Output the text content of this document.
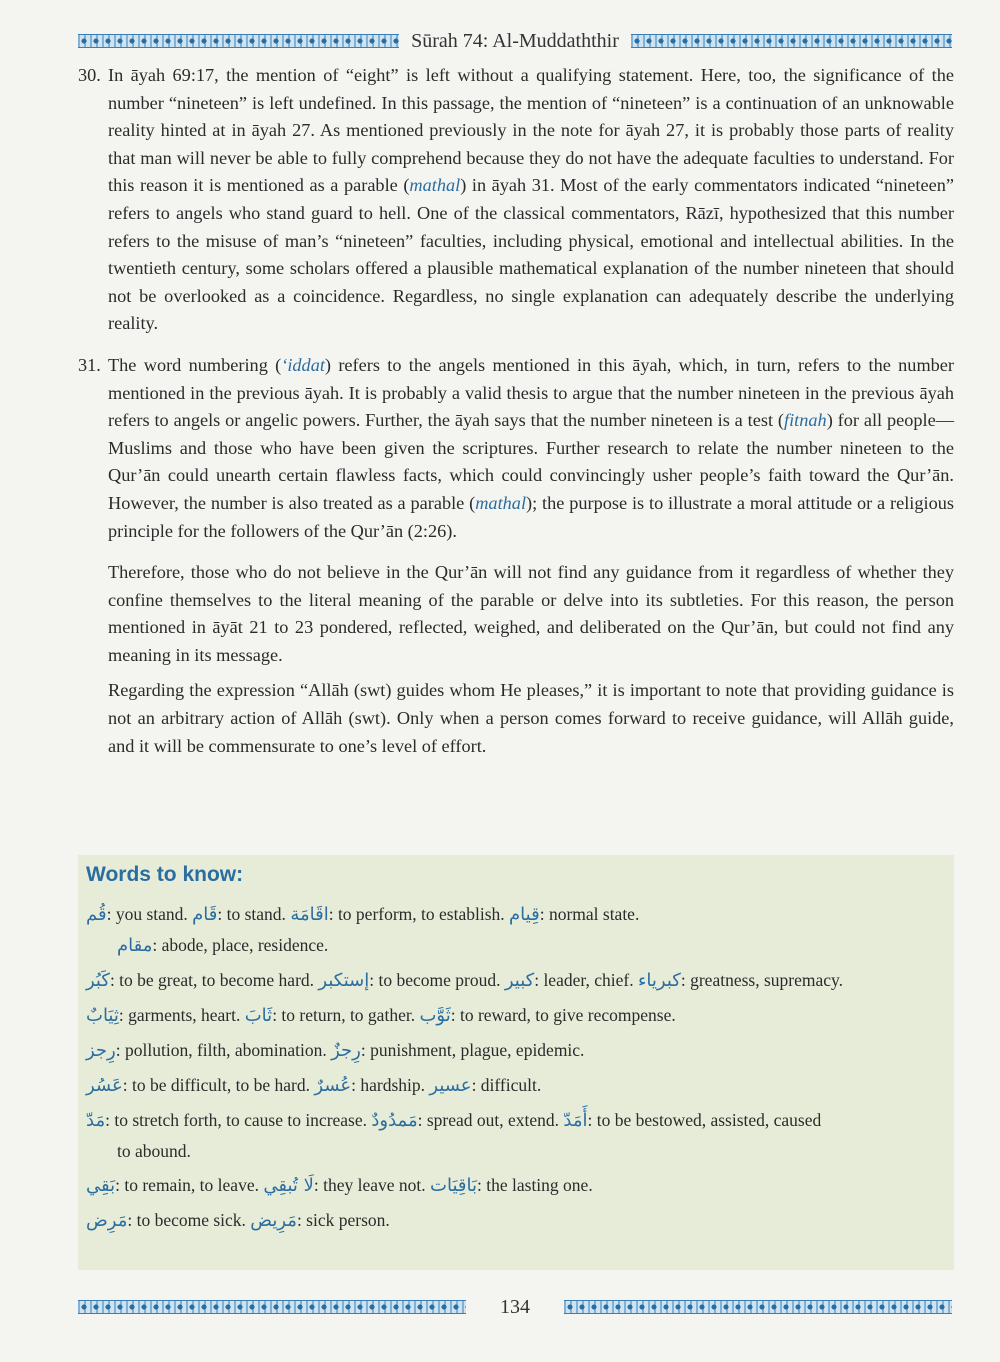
Sūrah 74: Al-Muddaththir
30. In āyah 69:17, the mention of “eight” is left without a qualifying statement. Here, too, the significance of the number “nineteen” is left undefined. In this passage, the mention of “nineteen” is a continuation of an unknowable reality hinted at in āyah 27. As mentioned previously in the note for āyah 27, it is probably those parts of reality that man will never be able to fully comprehend because they do not have the adequate faculties to understand. For this reason it is mentioned as a parable (mathal) in āyah 31. Most of the early commentators indicated “nineteen” refers to angels who stand guard to hell. One of the classical commentators, Rāzī, hypothesized that this number refers to the misuse of man’s “nineteen” faculties, including physical, emotional and intellectual abilities. In the twentieth century, some scholars offered a plausible mathematical explanation of the number nineteen that should not be overlooked as a coincidence. Regardless, no single explanation can adequately describe the underlying reality.

31. The word numbering (‘iddat) refers to the angels mentioned in this āyah, which, in turn, refers to the number mentioned in the previous āyah. It is probably a valid thesis to argue that the number nineteen in the previous āyah refers to angels or angelic powers. Further, the āyah says that the number nineteen is a test (fitnah) for all people—Muslims and those who have been given the scriptures. Further research to relate the number nineteen to the Qur’ān could unearth certain flawless facts, which could convincingly usher people’s faith toward the Qur’ān. However, the number is also treated as a parable (mathal); the purpose is to illustrate a moral attitude or a religious principle for the followers of the Qur’ān (2:26).

Therefore, those who do not believe in the Qur’ān will not find any guidance from it regardless of whether they confine themselves to the literal meaning of the parable or delve into its subtleties. For this reason, the person mentioned in āyāt 21 to 23 pondered, reflected, weighed, and deliberated on the Qur’ān, but could not find any meaning in its message.

Regarding the expression “Allāh (swt) guides whom He pleases,” it is important to note that providing guidance is not an arbitrary action of Allāh (swt). Only when a person comes forward to receive guidance, will Allāh guide, and it will be commensurate to one’s level of effort.

Words to know:
قُم: you stand. قَام: to stand. اقَامَة: to perform, to establish. قِيام: normal state.
مقام: abode, place, residence.
كَبُر: to be great, to become hard. إستكبر: to become proud. كبير: leader, chief. كبرياء: greatness, supremacy.
ثِيَابٌ: garments, heart. ثَابَ: to return, to gather. ثَوَّب: to reward, to give recompense.
رِجز: pollution, filth, abomination. رِجزٌ: punishment, plague, epidemic.
عَسُر: to be difficult, to be hard. عُسرٌ: hardship. عسير: difficult.
مَدّ: to stretch forth, to cause to increase. مَمدُودٌ: spread out, extend. أَمَدّ: to be bestowed, assisted, caused
to abound.
بَقِي: to remain, to leave. لَا تُبقِي: they leave not. بَاقِيَات: the lasting one.
مَرِض: to become sick. مَرِيض: sick person.
134
